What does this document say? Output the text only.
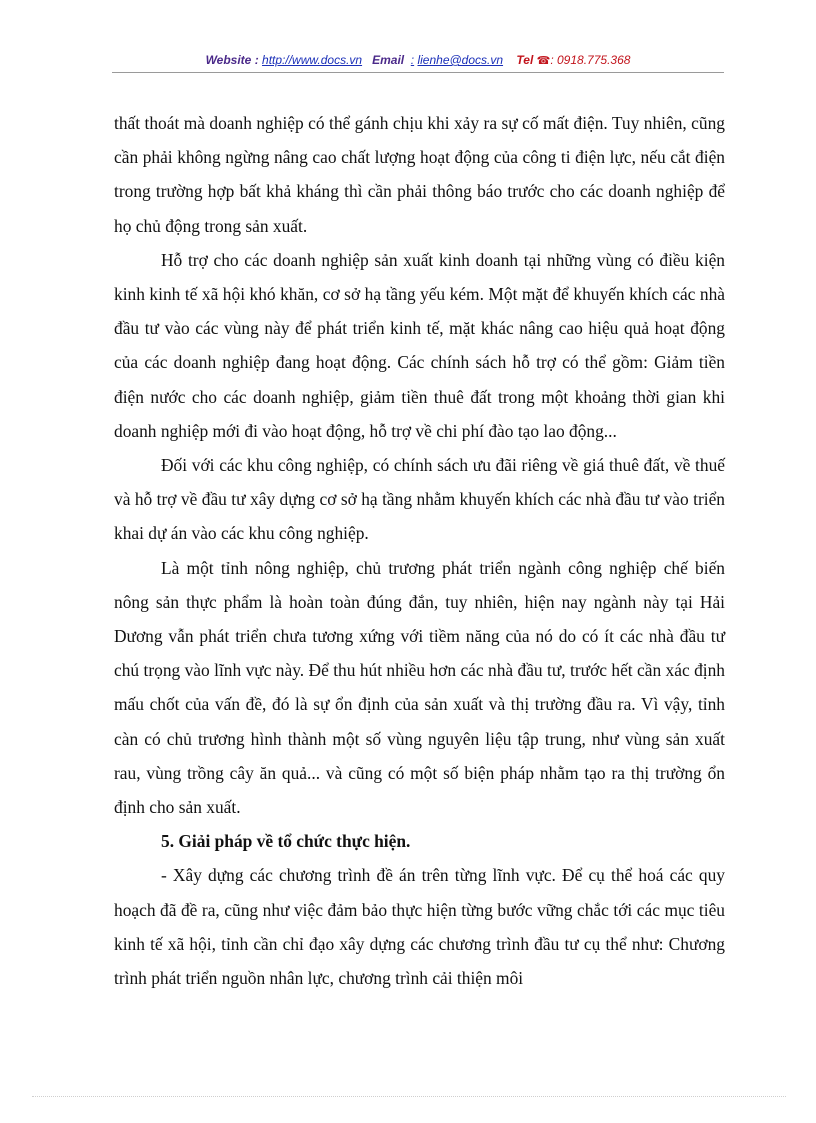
Website : http://www.docs.vn Email : lienhe@docs.vn Tel ☎: 0918.775.368

thất thoát mà doanh nghiệp có thể gánh chịu khi xảy ra sự cố mất điện. Tuy nhiên, cũng cần phải không ngừng nâng cao chất lượng hoạt động của công ti điện lực, nếu cắt điện trong trường hợp bất khả kháng thì cần phải thông báo trước cho các doanh nghiệp để họ chủ động trong sản xuất.

Hỗ trợ cho các doanh nghiệp sản xuất kinh doanh tại những vùng có điều kiện kinh kinh tế xã hội khó khăn, cơ sở hạ tầng yếu kém. Một mặt để khuyến khích các nhà đầu tư vào các vùng này để phát triển kinh tế, mặt khác nâng cao hiệu quả hoạt động của các doanh nghiệp đang hoạt động. Các chính sách hỗ trợ có thể gồm: Giảm tiền điện nước cho các doanh nghiệp, giảm tiền thuê đất trong một khoảng thời gian khi doanh nghiệp mới đi vào hoạt động, hỗ trợ về chi phí đào tạo lao động...

Đối với các khu công nghiệp, có chính sách ưu đãi riêng về giá thuê đất, về thuế và hỗ trợ về đầu tư xây dựng cơ sở hạ tầng nhằm khuyến khích các nhà đầu tư vào triển khai dự án vào các khu công nghiệp.

Là một tỉnh nông nghiệp, chủ trương phát triển ngành công nghiệp chế biến nông sản thực phẩm là hoàn toàn đúng đắn, tuy nhiên, hiện nay ngành này tại Hải Dương vẫn phát triển chưa tương xứng với tiềm năng của nó do có ít các nhà đầu tư chú trọng vào lĩnh vực này. Để thu hút nhiều hơn các nhà đầu tư, trước hết cần xác định mấu chốt của vấn đề, đó là sự ổn định của sản xuất và thị trường đầu ra. Vì vậy, tỉnh càn có chủ trương hình thành một số vùng nguyên liệu tập trung, như vùng sản xuất rau, vùng trồng cây ăn quả... và cũng có một số biện pháp nhằm tạo ra thị trường ổn định cho sản xuất.

5. Giải pháp về tổ chức thực hiện.

- Xây dựng các chương trình đề án trên từng lĩnh vực. Để cụ thể hoá các quy hoạch đã đề ra, cũng như việc đảm bảo thực hiện từng bước vững chắc tới các mục tiêu kinh tế xã hội, tỉnh cần chỉ đạo xây dựng các chương trình đầu tư cụ thể như: Chương trình phát triển nguồn nhân lực, chương trình cải thiện môi
